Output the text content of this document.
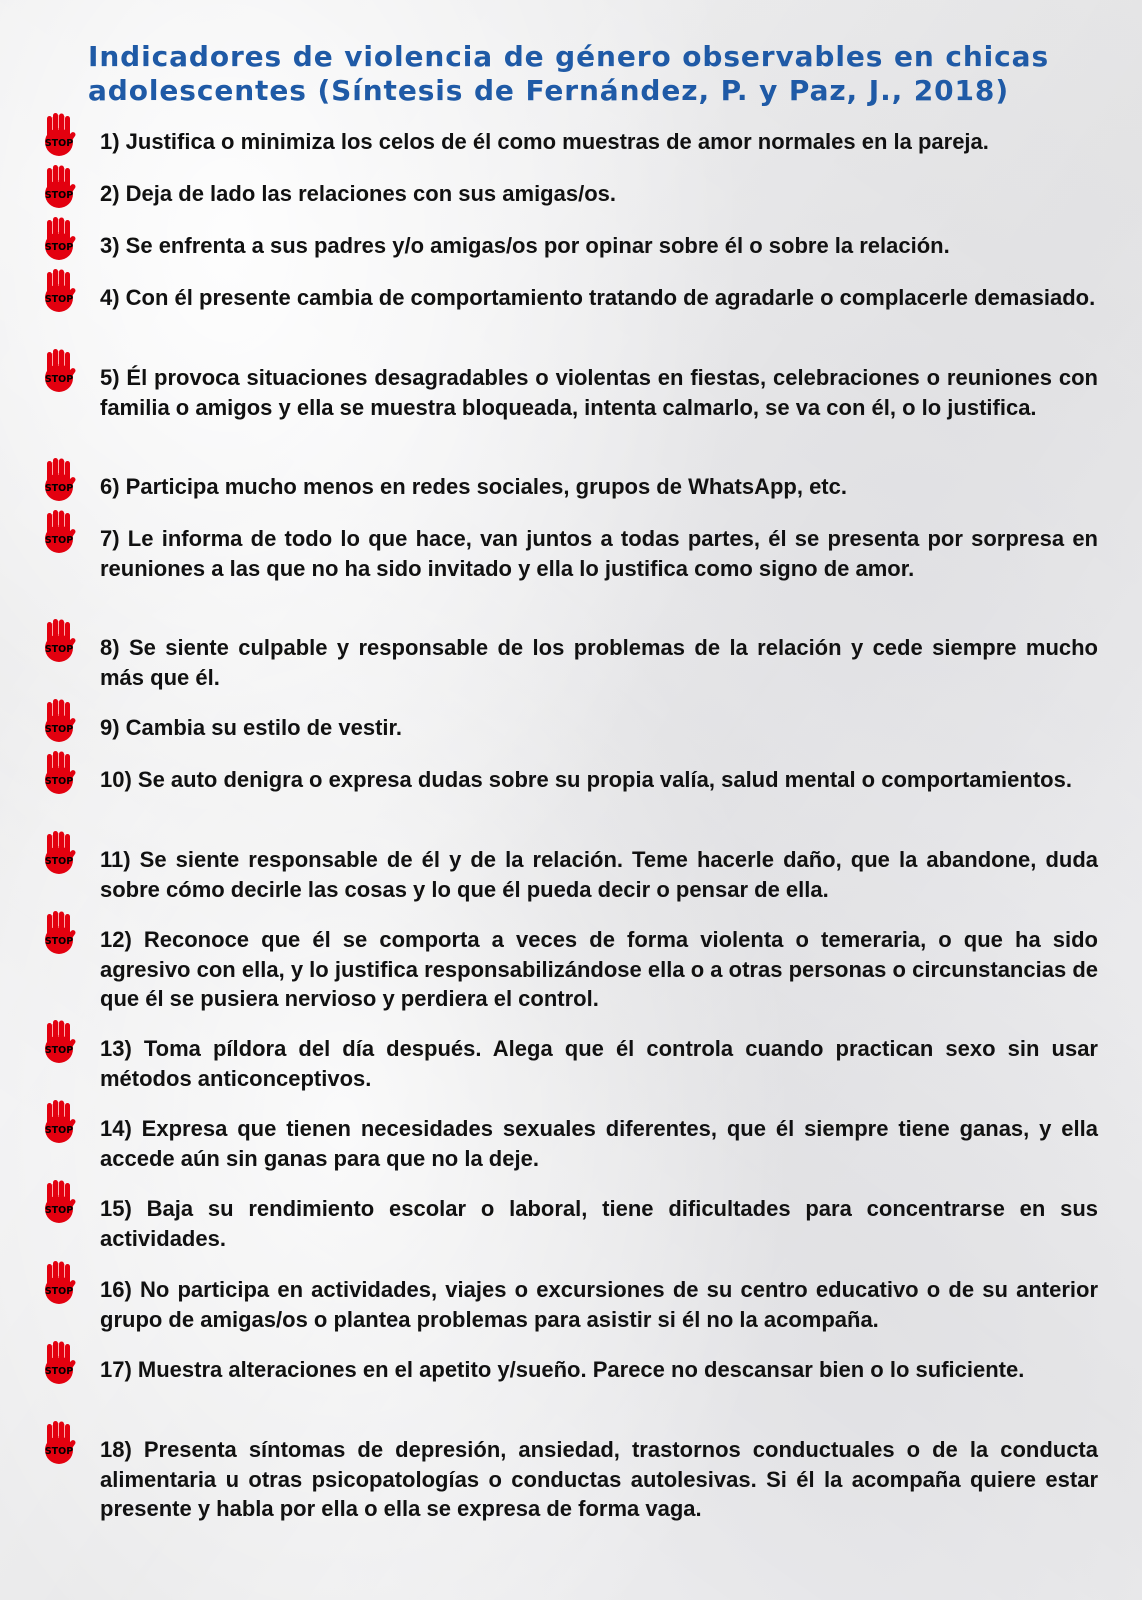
Indicadores de violencia de género observables en chicas
adolescentes (Síntesis de Fernández, P. y Paz, J., 2018)
STOP 1) Justifica o minimiza los celos de él como muestras de amor normales en la pareja.

STOP 2) Deja de lado las relaciones con sus amigas/os.

STOP 3) Se enfrenta a sus padres y/o amigas/os por opinar sobre él o sobre la relación.

STOP 4) Con él presente cambia de comportamiento tratando de agradarle o complacerle demasiado.

STOP 5) Él provoca situaciones desagradables o violentas en fiestas, celebraciones o reuniones con familia o amigos y ella se muestra bloqueada, intenta calmarlo, se va con él, o lo justifica.

STOP 6) Participa mucho menos en redes sociales, grupos de WhatsApp, etc.

STOP 7) Le informa de todo lo que hace, van juntos a todas partes, él se presenta por sorpresa en reuniones a las que no ha sido invitado y ella lo justifica como signo de amor.

STOP 8) Se siente culpable y responsable de los problemas de la relación y cede siempre mucho más que él.

STOP 9) Cambia su estilo de vestir.

STOP 10) Se auto denigra o expresa dudas sobre su propia valía, salud mental o comportamientos.

STOP 11) Se siente responsable de él y de la relación. Teme hacerle daño, que la abandone, duda sobre cómo decirle las cosas y lo que él pueda decir o pensar de ella.

STOP 12) Reconoce que él se comporta a veces de forma violenta o temeraria, o que ha sido agresivo con ella, y lo justifica responsabilizándose ella o a otras personas o circunstancias de que él se pusiera nervioso y perdiera el control.

STOP 13) Toma píldora del día después. Alega que él controla cuando practican sexo sin usar métodos anticonceptivos.

STOP 14) Expresa que tienen necesidades sexuales diferentes, que él siempre tiene ganas, y ella accede aún sin ganas para que no la deje.

STOP 15) Baja su rendimiento escolar o laboral, tiene dificultades para concentrarse en sus actividades.

STOP 16) No participa en actividades, viajes o excursiones de su centro educativo o de su anterior grupo de amigas/os o plantea problemas para asistir si él no la acompaña.

STOP 17) Muestra alteraciones en el apetito y/sueño. Parece no descansar bien o lo suficiente.

STOP 18) Presenta síntomas de depresión, ansiedad, trastornos conductuales o de la conducta alimentaria u otras psicopatologías o conductas autolesivas. Si él la acompaña quiere estar presente y habla por ella o ella se expresa de forma vaga.
